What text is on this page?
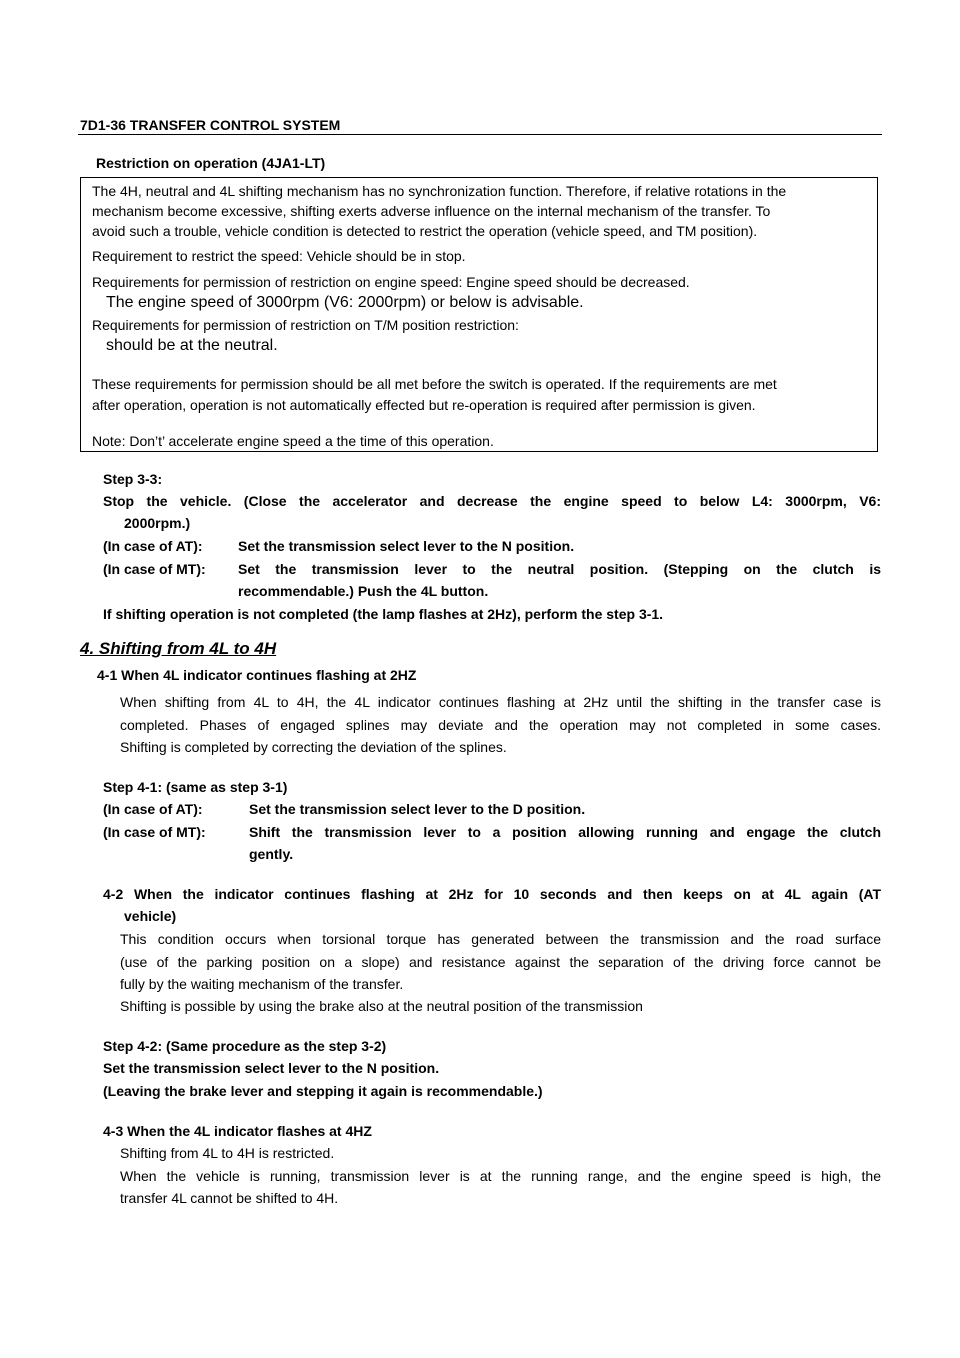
7D1-36 TRANSFER CONTROL SYSTEM
Restriction on operation (4JA1-LT)
The 4H, neutral and 4L shifting mechanism has no synchronization function. Therefore, if relative rotations in the
mechanism become excessive, shifting exerts adverse influence on the internal mechanism of the transfer. To
avoid such a trouble, vehicle condition is detected to restrict the operation (vehicle speed, and TM position).
Requirement to restrict the speed: Vehicle should be in stop.
Requirements for permission of restriction on engine speed: Engine speed should be decreased.
The engine speed of 3000rpm (V6: 2000rpm) or below is advisable.
Requirements for permission of restriction on T/M position restriction:
should be at the neutral.
These requirements for permission should be all met before the switch is operated. If the requirements are met
after operation, operation is not automatically effected but re-operation is required after permission is given.
Note: Don’t’ accelerate engine speed a the time of this operation.
Step 3-3:
Stop the vehicle. (Close the accelerator and decrease the engine speed to below L4: 3000rpm, V6:
2000rpm.)
(In case of AT):	Set the transmission select lever to the N position.
(In case of MT): Set the transmission lever to the neutral position. (Stepping on the clutch is
recommendable.) Push the 4L button.
If shifting operation is not completed (the lamp flashes at 2Hz), perform the step 3-1.
4. Shifting from 4L to 4H
4-1 When 4L indicator continues flashing at 2HZ
When shifting from 4L to 4H, the 4L indicator continues flashing at 2Hz until the shifting in the transfer case is
completed. Phases of engaged splines may deviate and the operation may not completed in some cases.
Shifting is completed by correcting the deviation of the splines.
Step 4-1: (same as step 3-1)
(In case of AT):	Set the transmission select lever to the D position.
(In case of MT):	Shift the transmission lever to a position allowing running and engage the clutch
gently.
4-2 When the indicator continues flashing at 2Hz for 10 seconds and then keeps on at 4L again (AT
vehicle)
This condition occurs when torsional torque has generated between the transmission and the road surface
(use of the parking position on a slope) and resistance against the separation of the driving force cannot be
fully by the waiting mechanism of the transfer.
Shifting is possible by using the brake also at the neutral position of the transmission
Step 4-2: (Same procedure as the step 3-2)
Set the transmission select lever to the N position.
(Leaving the brake lever and stepping it again is recommendable.)
4-3 When the 4L indicator flashes at 4HZ
Shifting from 4L to 4H is restricted.
When the vehicle is running, transmission lever is at the running range, and the engine speed is high, the
transfer 4L cannot be shifted to 4H.
